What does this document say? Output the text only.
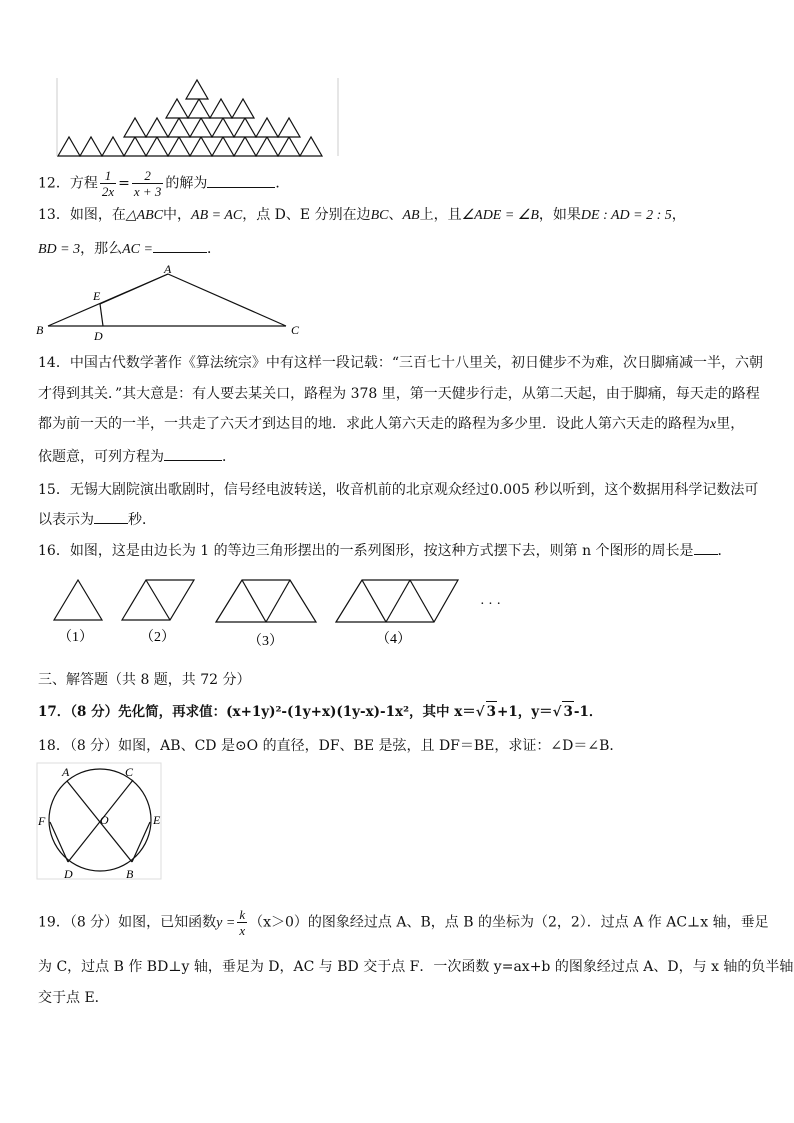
12．方程 $\frac{1}{2x} = \frac{2}{x + 3}$ 的解为	．
13．如图，在△ABC中，AB = AC，点 D、E 分别在边BC、AB上，且∠ADE = ∠B，如果DE : AD = 2 : 5，
BD = 3，那么AC =	．
A
B	C
D
E
14．中国古代数学著作《算法统宗》中有这样一段记载：“三百七十八里关，初日健步不为难，次日脚痛减一半，六朝
才得到其关．”其大意是：有人要去某关口，路程为 378 里，第一天健步行走，从第二天起，由于脚痛，每天走的路程
都为前一天的一半，一共走了六天才到达目的地．求此人第六天走的路程为多少里．设此人第六天走的路程为x里，
依题意，可列方程为	．
15．无锡大剧院演出歌剧时，信号经电波转送，收音机前的北京观众经过0.005 秒以听到，这个数据用科学记数法可
以表示为 秒．
16．如图，这是由边长为 1 的等边三角形摆出的一系列图形，按这种方式摆下去，则第 n 个图形的周长是 ．
（1）	（2）	（3）	（4）
· · ·
三、解答题（共 8 题，共 72 分）
17．（8 分）先化简，再求值：(x+1y)²-(1y+x)(1y-x)-1x²，其中 x＝√ 3+1，y＝√ 3-1．
18．（8 分）如图，AB、CD 是⊙O 的直径，DF、BE 是弦，且 DF＝BE，求证：∠D＝∠B．
A	C
F	O	E
D	B
19．（8 分）如图，已知函数$y = \frac{k}{x} (x>0)$的图象经过点 A、B，点 B 的坐标为（2，2）．过点 A 作 AC⊥x 轴，垂足
为 C，过点 B 作 BD⊥y 轴，垂足为 D，AC 与 BD 交于点 F．一次函数 y=ax+b 的图象经过点 A、D，与 x 轴的负半轴
交于点 E．
